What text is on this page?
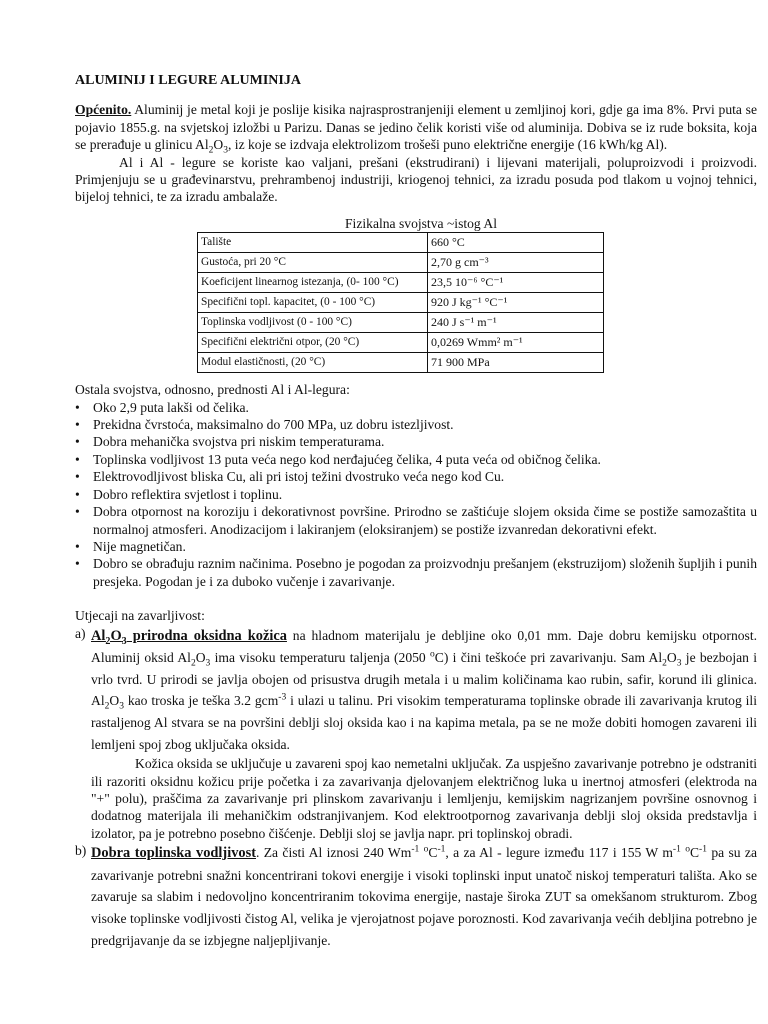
ALUMINIJ I LEGURE ALUMINIJA

Općenito. Aluminij je metal koji je poslije kisika najrasprostranjeniji element u zemljinoj kori, gdje ga ima 8%. Prvi puta se pojavio 1855.g. na svjetskoj izložbi u Parizu. Danas se jedino čelik koristi više od aluminija. Dobiva se iz rude boksita, koja se prerađuje u glinicu $Al_2O_3$, iz koje se izdvaja elektrolizom trošeši puno električne energije (16 kWh/kg Al).

Al i Al - legure se koriste kao valjani, prešani (ekstrudirani) i lijevani materijali, poluproizvodi i proizvodi. Primjenjuju se u građevinarstvu, prehrambenoj industriji, kriogenoj tehnici, za izradu posuda pod tlakom u vojnoj tehnici, bijeloj tehnici, te za izradu ambalaže.

Fizikalna svojstva ~istog Al
Talište	660 °C
Gustoća, pri 20 °C	2,70 g cm⁻³
Koeficijent linearnog istezanja, (0- 100 °C)	23,5 10⁻⁶ °C⁻¹
Specifični topl. kapacitet, (0 - 100 °C)	920 J kg⁻¹ °C⁻¹
Toplinska vodljivost (0 - 100 °C)	240 J s⁻¹ m⁻¹
Specifični električni otpor, (20 °C)	0,0269 Wmm² m⁻¹
Modul elastičnosti, (20 °C)	71 900 MPa

Ostala svojstva, odnosno, prednosti Al i Al-legura:

• Oko 2,9 puta lakši od čelika.
• Prekidna čvrstoća, maksimalno do 700 MPa, uz dobru istezljivost.
• Dobra mehanička svojstva pri niskim temperaturama.
• Toplinska vodljivost 13 puta veća nego kod nerđajućeg čelika, 4 puta veća od običnog čelika.
• Elektrovodljivost bliska Cu, ali pri istoj težini dvostruko veća nego kod Cu.
• Dobro reflektira svjetlost i toplinu.
• Dobra otpornost na koroziju i dekorativnost površine. Prirodno se zaštićuje slojem oksida čime se postiže samozaštita u normalnoj atmosferi. Anodizacijom i lakiranjem (eloksiranjem) se postiže izvanredan dekorativni efekt.
• Nije magnetičan.
• Dobro se obrađuju raznim načinima. Posebno je pogodan za proizvodnju prešanjem (ekstruzijom) složenih šupljih i punih presjeka. Pogodan je i za duboko vučenje i zavarivanje.

Utjecaji na zavarljivost:

a) $Al_2O_3$ prirodna oksidna kožica na hladnom materijalu je debljine oko 0,01 mm. Daje dobru kemijsku otpornost. Aluminij oksid $Al_2O_3$ ima visoku temperaturu taljenja (2050 $^o$C) i čini teškoće pri zavarivanju. Sam $Al_2O_3$ je bezbojan i vrlo tvrd. U prirodi se javlja obojen od prisustva drugih metala i u malim količinama kao rubin, safir, korund ili glinica. $Al_2O_3$ kao troska je teška 3.2 gcm$^{-3}$ i ulazi u talinu. Pri visokim temperaturama toplinske obrade ili zavarivanja krutog ili rastaljenog Al stvara se na površini deblji sloj oksida kao i na kapima metala, pa se ne može dobiti homogen zavareni ili lemljeni spoj zbog uključaka oksida.

Kožica oksida se uključuje u zavareni spoj kao nemetalni uključak. Za uspješno zavarivanje potrebno je odstraniti ili razoriti oksidnu kožicu prije početka i za zavarivanja djelovanjem električnog luka u inertnoj atmosferi (elektroda na "+" polu), praščima za zavarivanje pri plinskom zavarivanju i lemljenju, kemijskim nagrizanjem površine osnovnog i dodatnog materijala ili mehaničkim odstranjivanjem. Kod elektrootpornog zavarivanja deblji sloj oksida predstavlja i izolator, pa je potrebno posebno čišćenje. Deblji sloj se javlja napr. pri toplinskoj obradi.

b) Dobra toplinska vodljivost. Za čisti Al iznosi 240 $Wm^{-1}$ $^oC^{-1}$, a za Al - legure između 117 i 155 W $m^{-1}$ $^oC^{-1}$ pa su za zavarivanje potrebni snažni koncentrirani tokovi energije i visoki toplinski input unatoč niskoj temperaturi tališta. Ako se zavaruje sa slabim i nedovoljno koncentriranim tokovima energije, nastaje široka ZUT sa omekšanom strukturom. Zbog visoke toplinske vodljivosti čistog Al, velika je vjerojatnost pojave poroznosti. Kod zavarivanja većih debljina potrebno je predgrijavanje da se izbjegne naljepljivanje.
